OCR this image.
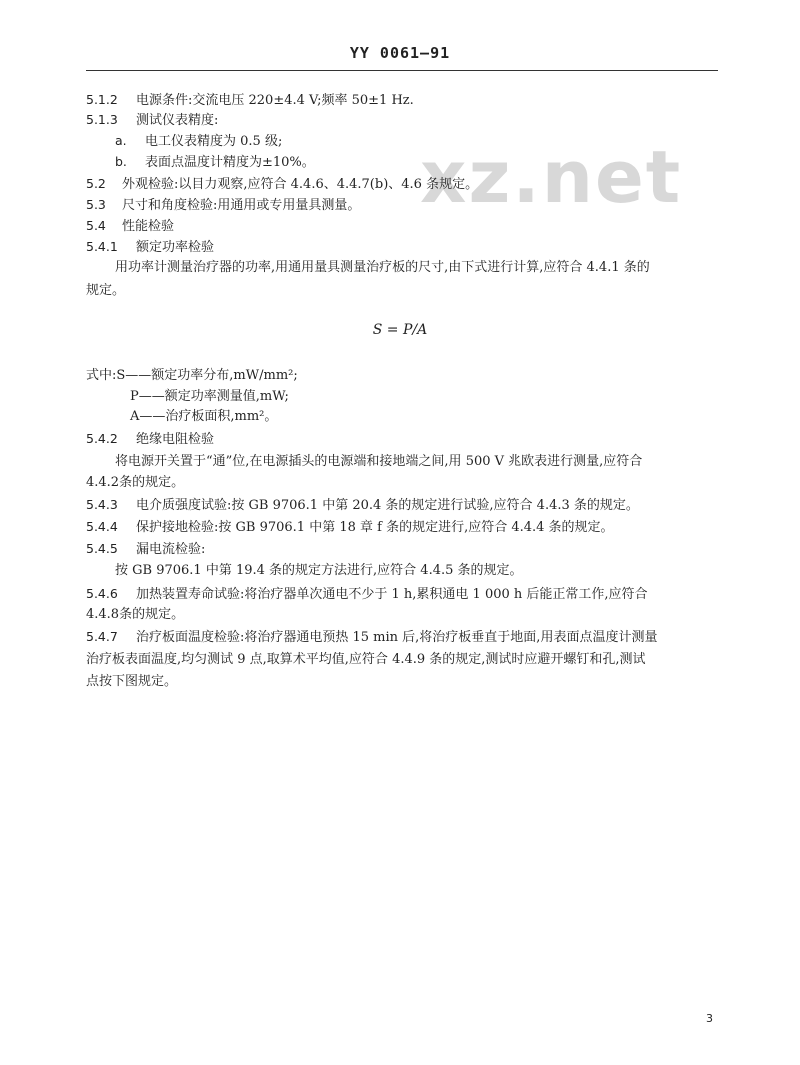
YY 0061—91
xz.net
5.1.2 电源条件:交流电压 220±4.4 V;频率 50±1 Hz.
5.1.3 测试仪表精度:
a. 电工仪表精度为 0.5 级;
b. 表面点温度计精度为±10%。
5.2 外观检验:以目力观察,应符合 4.4.6、4.4.7(b)、4.6 条规定。
5.3 尺寸和角度检验:用通用或专用量具测量。
5.4 性能检验
5.4.1 额定功率检验
用功率计测量治疗器的功率,用通用量具测量治疗板的尺寸,由下式进行计算,应符合 4.4.1 条的
规定。
S = P/A
式中:S——额定功率分布,mW/mm²;
P——额定功率测量值,mW;
A——治疗板面积,mm²。
5.4.2 绝缘电阻检验
将电源开关置于“通”位,在电源插头的电源端和接地端之间,用 500 V 兆欧表进行测量,应符合
4.4.2条的规定。
5.4.3 电介质强度试验:按 GB 9706.1 中第 20.4 条的规定进行试验,应符合 4.4.3 条的规定。
5.4.4 保护接地检验:按 GB 9706.1 中第 18 章 f 条的规定进行,应符合 4.4.4 条的规定。
5.4.5 漏电流检验:
按 GB 9706.1 中第 19.4 条的规定方法进行,应符合 4.4.5 条的规定。
5.4.6 加热装置寿命试验:将治疗器单次通电不少于 1 h,累积通电 1 000 h 后能正常工作,应符合
4.4.8条的规定。
5.4.7 治疗板面温度检验:将治疗器通电预热 15 min 后,将治疗板垂直于地面,用表面点温度计测量
治疗板表面温度,均匀测试 9 点,取算术平均值,应符合 4.4.9 条的规定,测试时应避开螺钉和孔,测试
点按下图规定。
3
